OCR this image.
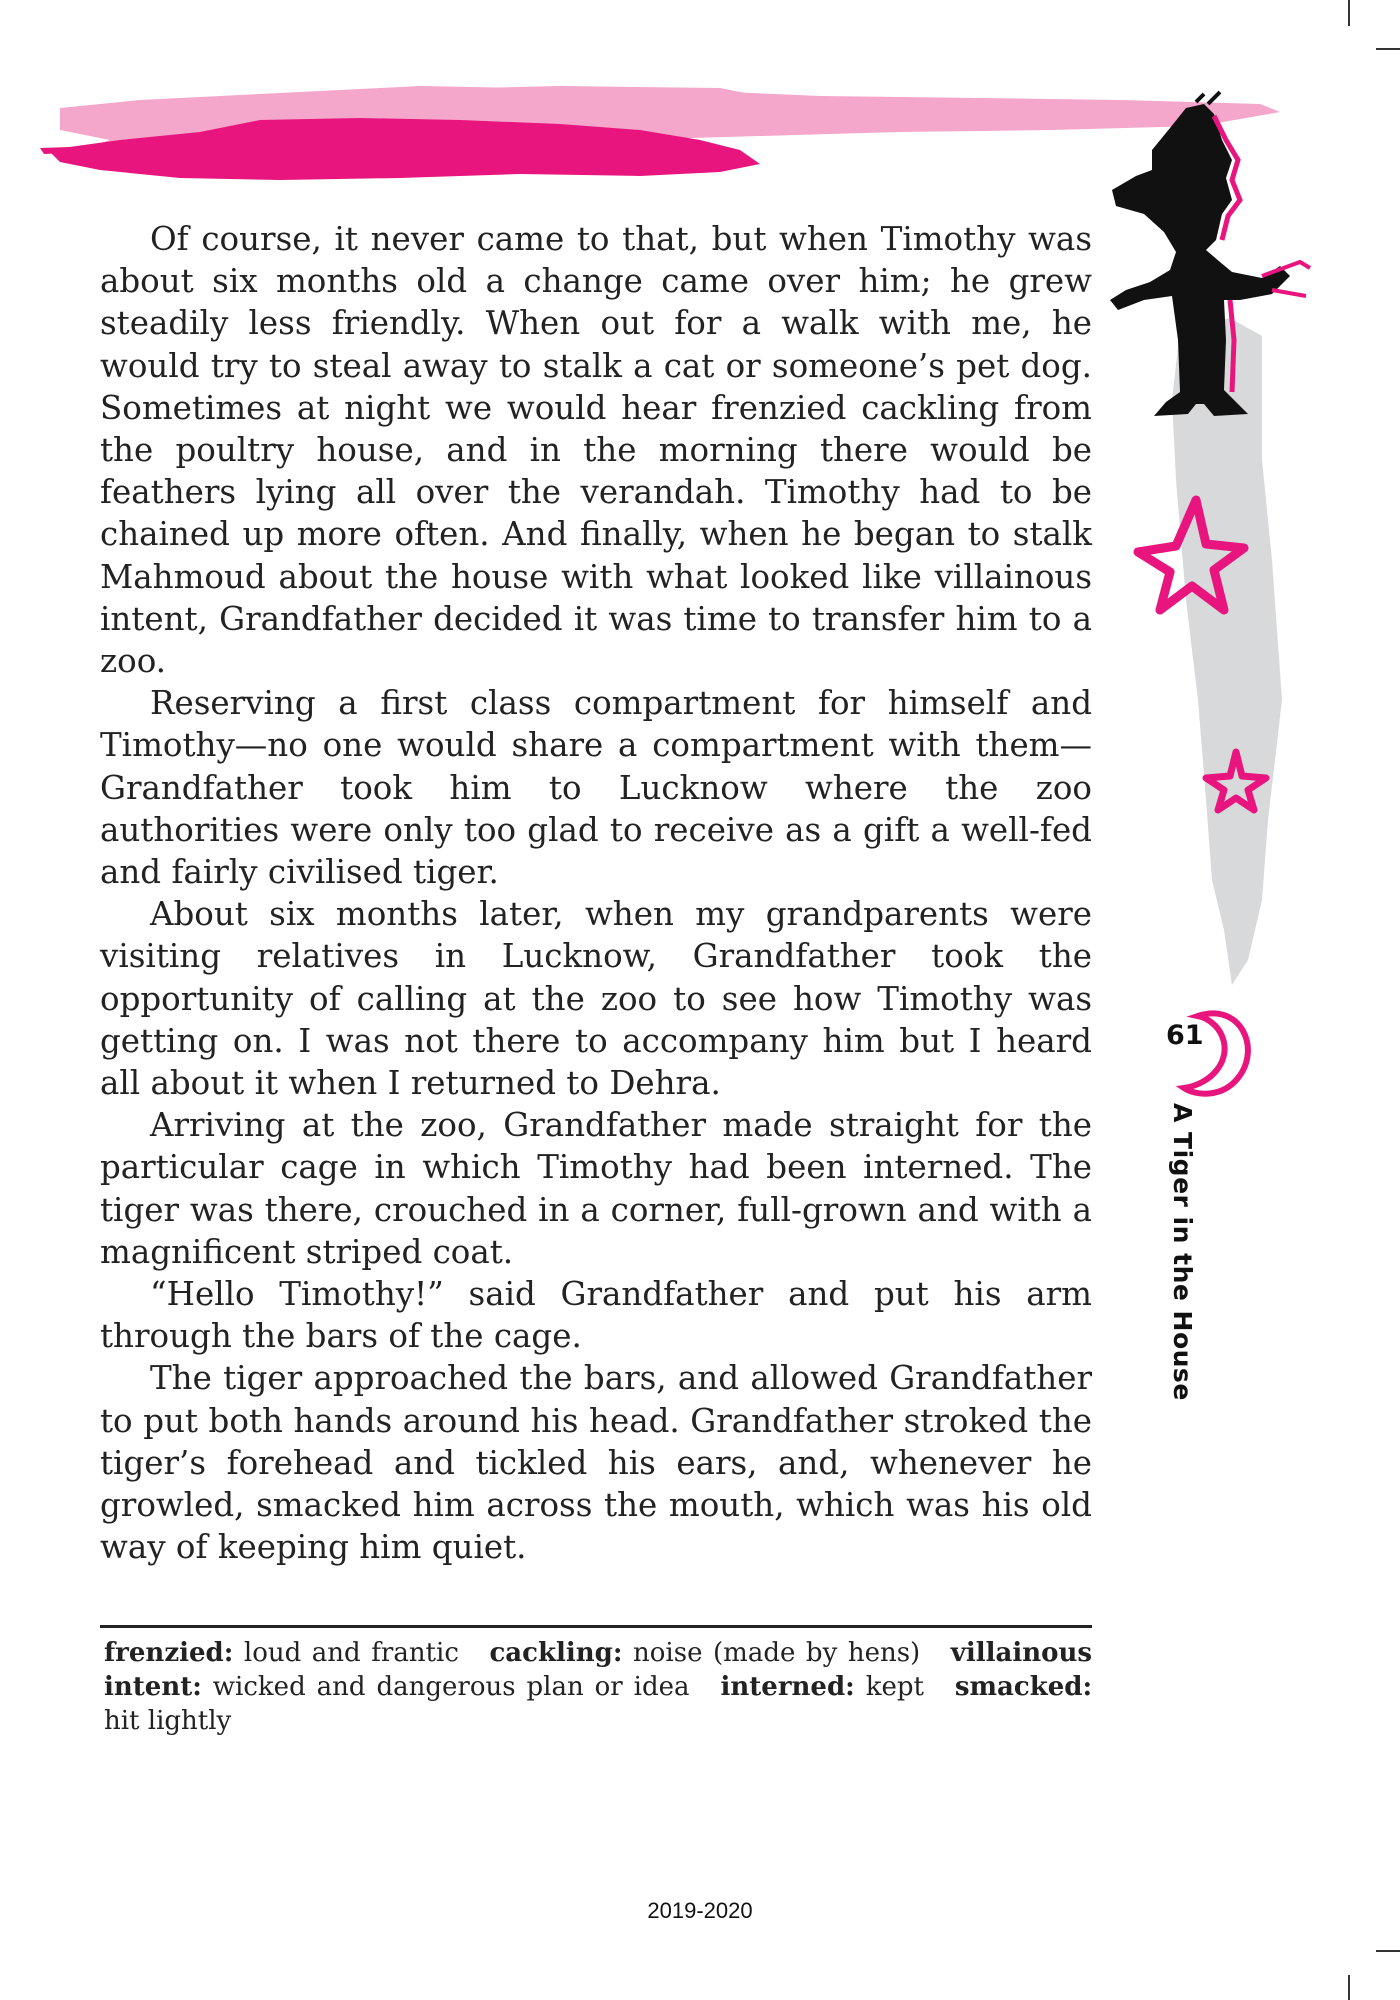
Of course, it never came to that, but when Timothy was about six months old a change came over him; he grew steadily less friendly. When out for a walk with me, he would try to steal away to stalk a cat or someone’s pet dog. Sometimes at night we would hear frenzied cackling from the poultry house, and in the morning there would be feathers lying all over the verandah. Timothy had to be chained up more often. And finally, when he began to stalk Mahmoud about the house with what looked like villainous intent, Grandfather decided it was time to transfer him to a zoo.

Reserving a first class compartment for himself and Timothy—no one would share a compartment with them—Grandfather took him to Lucknow where the zoo authorities were only too glad to receive as a gift a well-fed and fairly civilised tiger.

About six months later, when my grandparents were visiting relatives in Lucknow, Grandfather took the opportunity of calling at the zoo to see how Timothy was getting on. I was not there to accompany him but I heard all about it when I returned to Dehra.

Arriving at the zoo, Grandfather made straight for the particular cage in which Timothy had been interned. The tiger was there, crouched in a corner, full-grown and with a magnificent striped coat.

“Hello Timothy!” said Grandfather and put his arm through the bars of the cage.

The tiger approached the bars, and allowed Grandfather to put both hands around his head. Grandfather stroked the tiger’s forehead and tickled his ears, and, whenever he growled, smacked him across the mouth, which was his old way of keeping him quiet.

frenzied: loud and frantic cackling: noise (made by hens) villainous intent: wicked and dangerous plan or idea interned: kept smacked: hit lightly
61
A Tiger in the House
2019-2020
